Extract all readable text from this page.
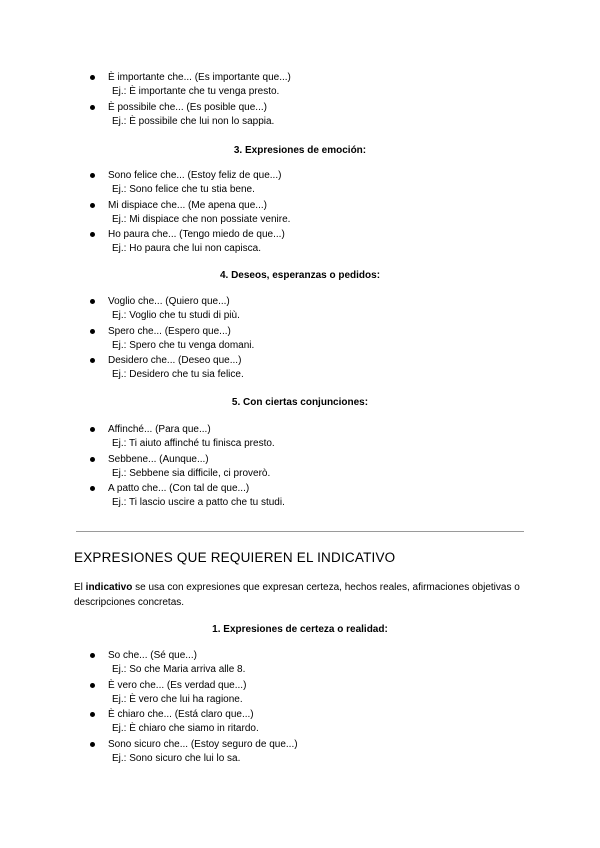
È importante che... (Es importante que...)
Ej.: È importante che tu venga presto.
È possibile che... (Es posible que...)
Ej.: È possibile che lui non lo sappia.
3. Expresiones de emoción:
Sono felice che... (Estoy feliz de que...)
Ej.: Sono felice che tu stia bene.
Mi dispiace che... (Me apena que...)
Ej.: Mi dispiace che non possiate venire.
Ho paura che... (Tengo miedo de que...)
Ej.: Ho paura che lui non capisca.
4. Deseos, esperanzas o pedidos:
Voglio che... (Quiero que...)
Ej.: Voglio che tu studi di più.
Spero che... (Espero que...)
Ej.: Spero che tu venga domani.
Desidero che... (Deseo que...)
Ej.: Desidero che tu sia felice.
5. Con ciertas conjunciones:
Affinché... (Para que...)
Ej.: Ti aiuto affinché tu finisca presto.
Sebbene... (Aunque...)
Ej.: Sebbene sia difficile, ci proverò.
A patto che... (Con tal de que...)
Ej.: Ti lascio uscire a patto che tu studi.
EXPRESIONES QUE REQUIEREN EL INDICATIVO
El indicativo se usa con expresiones que expresan certeza, hechos reales, afirmaciones objetivas o descripciones concretas.
1. Expresiones de certeza o realidad:
So che... (Sé que...)
Ej.: So che Maria arriva alle 8.
È vero che... (Es verdad que...)
Ej.: È vero che lui ha ragione.
È chiaro che... (Está claro que...)
Ej.: È chiaro che siamo in ritardo.
Sono sicuro che... (Estoy seguro de que...)
Ej.: Sono sicuro che lui lo sa.
